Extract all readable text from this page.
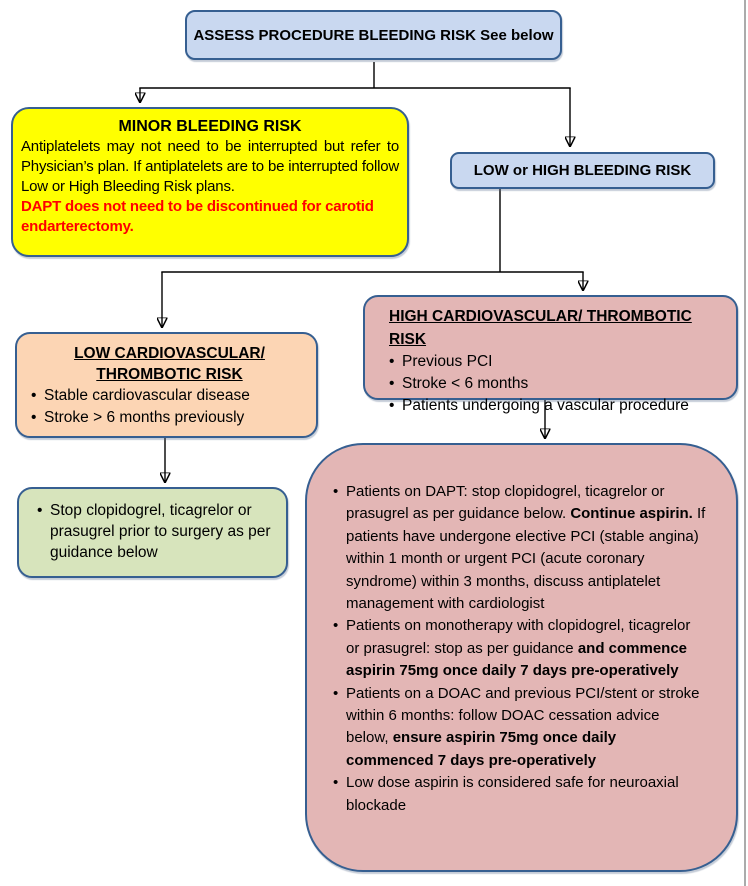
ASSESS PROCEDURE BLEEDING RISK See below
MINOR BLEEDING RISK

Antiplatelets may not need to be interrupted but refer to Physician’s plan. If antiplatelets are to be interrupted follow Low or High Bleeding Risk plans.

DAPT does not need to be discontinued for carotid endarterectomy.

LOW or HIGH BLEEDING RISK
LOW CARDIOVASCULAR/
THROMBOTIC RISK
• Stable cardiovascular disease
• Stroke > 6 months previously
HIGH CARDIOVASCULAR/ THROMBOTIC RISK
• Previous PCI
• Stroke < 6 months
• Patients undergoing a vascular procedure
• Stop clopidogrel, ticagrelor or prasugrel prior to surgery as per guidance below
• Patients on DAPT: stop clopidogrel, ticagrelor or prasugrel as per guidance below. Continue aspirin. If patients have undergone elective PCI (stable angina) within 1 month or urgent PCI (acute coronary syndrome) within 3 months, discuss antiplatelet management with cardiologist
• Patients on monotherapy with clopidogrel, ticagrelor or prasugrel: stop as per guidance and commence aspirin 75mg once daily 7 days pre-operatively
• Patients on a DOAC and previous PCI/stent or stroke within 6 months: follow DOAC cessation advice below, ensure aspirin 75mg once daily commenced 7 days pre-operatively
• Low dose aspirin is considered safe for neuroaxial blockade
